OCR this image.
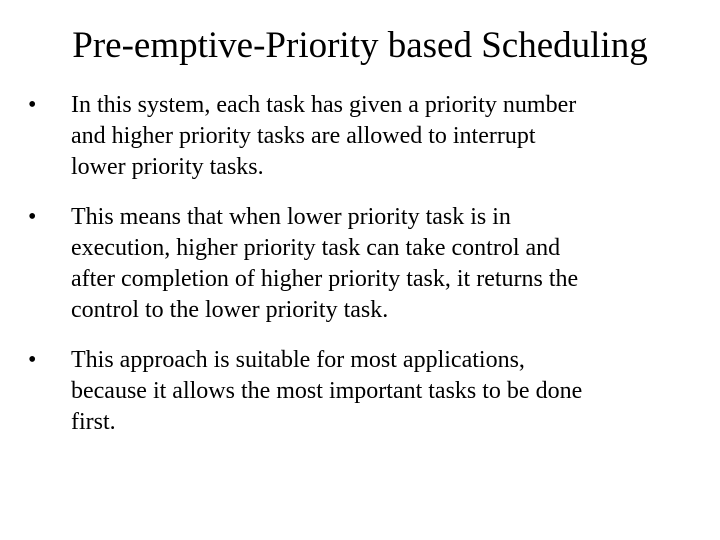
Pre-emptive-Priority based Scheduling
•	In this system, each task has given a priority number
and higher priority tasks are allowed to interrupt
lower priority tasks.
•	This means that when lower priority task is in
execution, higher priority task can take control and
after completion of higher priority task, it returns the
control to the lower priority task.
•	This approach is suitable for most applications,
because it allows the most important tasks to be done
first.
